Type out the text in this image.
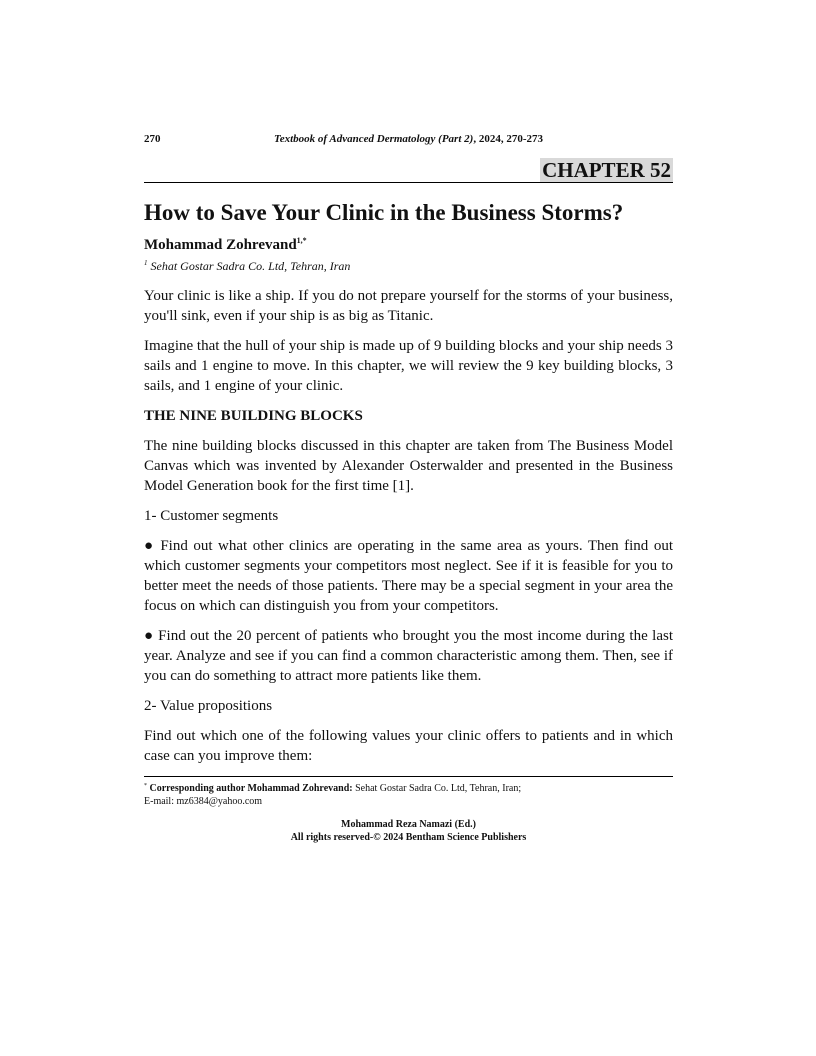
270	Textbook of Advanced Dermatology (Part 2), 2024, 270-273
CHAPTER 52
How to Save Your Clinic in the Business Storms?
Mohammad Zohrevand$^{1,*}$
$^1$ Sehat Gostar Sadra Co. Ltd, Tehran, Iran

Your clinic is like a ship. If you do not prepare yourself for the storms of your business, you'll sink, even if your ship is as big as Titanic.

Imagine that the hull of your ship is made up of 9 building blocks and your ship needs 3 sails and 1 engine to move. In this chapter, we will review the 9 key building blocks, 3 sails, and 1 engine of your clinic.

THE NINE BUILDING BLOCKS

The nine building blocks discussed in this chapter are taken from The Business Model Canvas which was invented by Alexander Osterwalder and presented in the Business Model Generation book for the first time [1].

1- Customer segments

● Find out what other clinics are operating in the same area as yours. Then find out which customer segments your competitors most neglect. See if it is feasible for you to better meet the needs of those patients. There may be a special segment in your area the focus on which can distinguish you from your competitors.

● Find out the 20 percent of patients who brought you the most income during the last year. Analyze and see if you can find a common characteristic among them. Then, see if you can do something to attract more patients like them.

2- Value propositions

Find out which one of the following values your clinic offers to patients and in which case can you improve them:

* Corresponding author Mohammad Zohrevand: Sehat Gostar Sadra Co. Ltd, Tehran, Iran;
E-mail: mz6384@yahoo.com
Mohammad Reza Namazi (Ed.)
All rights reserved-© 2024 Bentham Science Publishers
